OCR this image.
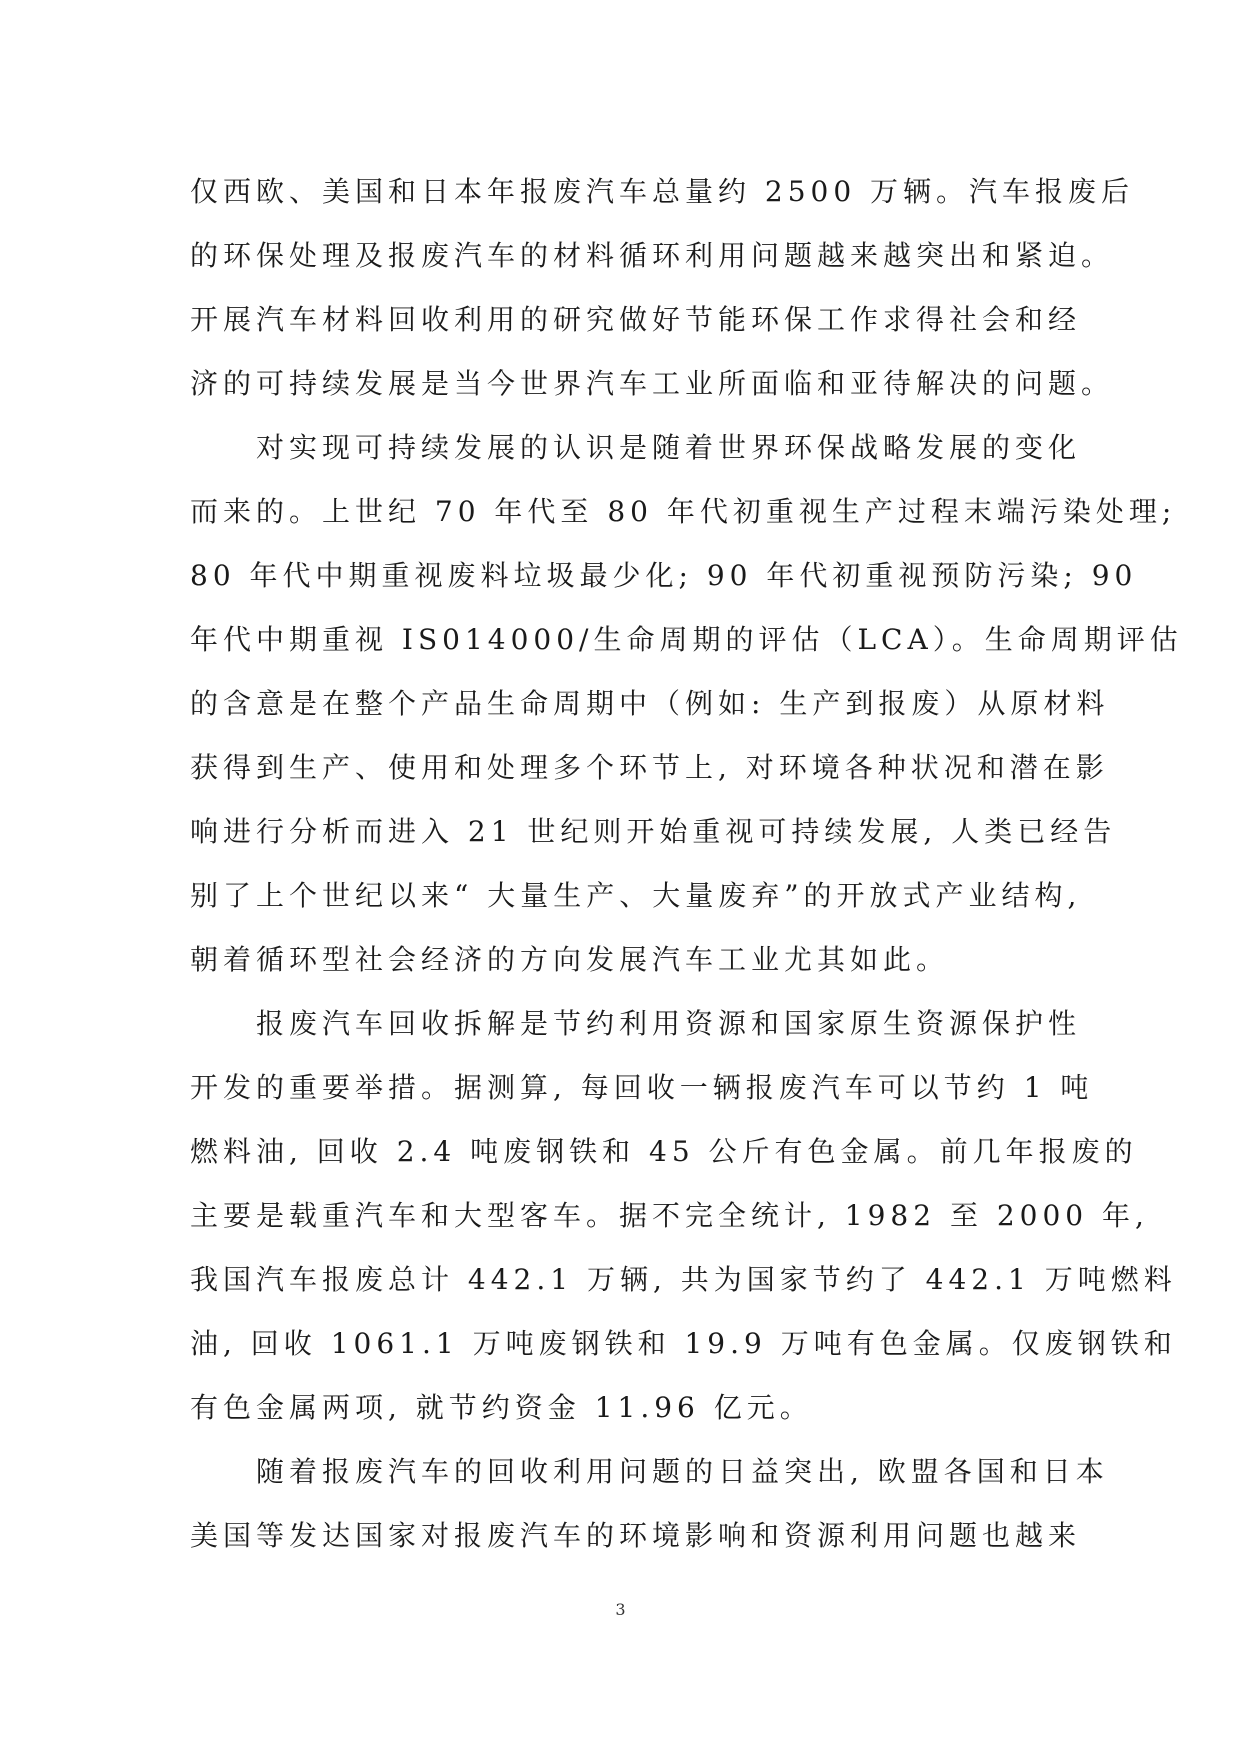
仅西欧、美国和日本年报废汽车总量约 2500 万辆。汽车报废后
的环保处理及报废汽车的材料循环利用问题越来越突出和紧迫。
开展汽车材料回收利用的研究做好节能环保工作求得社会和经
济的可持续发展是当今世界汽车工业所面临和亚待解决的问题。
　　对实现可持续发展的认识是随着世界环保战略发展的变化
而来的。上世纪 70 年代至 80 年代初重视生产过程末端污染处理;
80 年代中期重视废料垃圾最少化; 90 年代初重视预防污染; 90
年代中期重视 IS014000/生命周期的评估（LCA）。生命周期评估
的含意是在整个产品生命周期中（例如: 生产到报废）从原材料
获得到生产、使用和处理多个环节上, 对环境各种状况和潜在影
响进行分析而进入 21 世纪则开始重视可持续发展, 人类已经告
别了上个世纪以来“ 大量生产、大量废弃”的开放式产业结构,
朝着循环型社会经济的方向发展汽车工业尤其如此。
　　报废汽车回收拆解是节约利用资源和国家原生资源保护性
开发的重要举措。据测算, 每回收一辆报废汽车可以节约 1 吨
燃料油, 回收 2.4 吨废钢铁和 45 公斤有色金属。前几年报废的
主要是载重汽车和大型客车。据不完全统计, 1982 至 2000 年,
我国汽车报废总计 442.1 万辆, 共为国家节约了 442.1 万吨燃料
油, 回收 1061.1 万吨废钢铁和 19.9 万吨有色金属。仅废钢铁和
有色金属两项, 就节约资金 11.96 亿元。
　　随着报废汽车的回收利用问题的日益突出, 欧盟各国和日本
美国等发达国家对报废汽车的环境影响和资源利用问题也越来
3
